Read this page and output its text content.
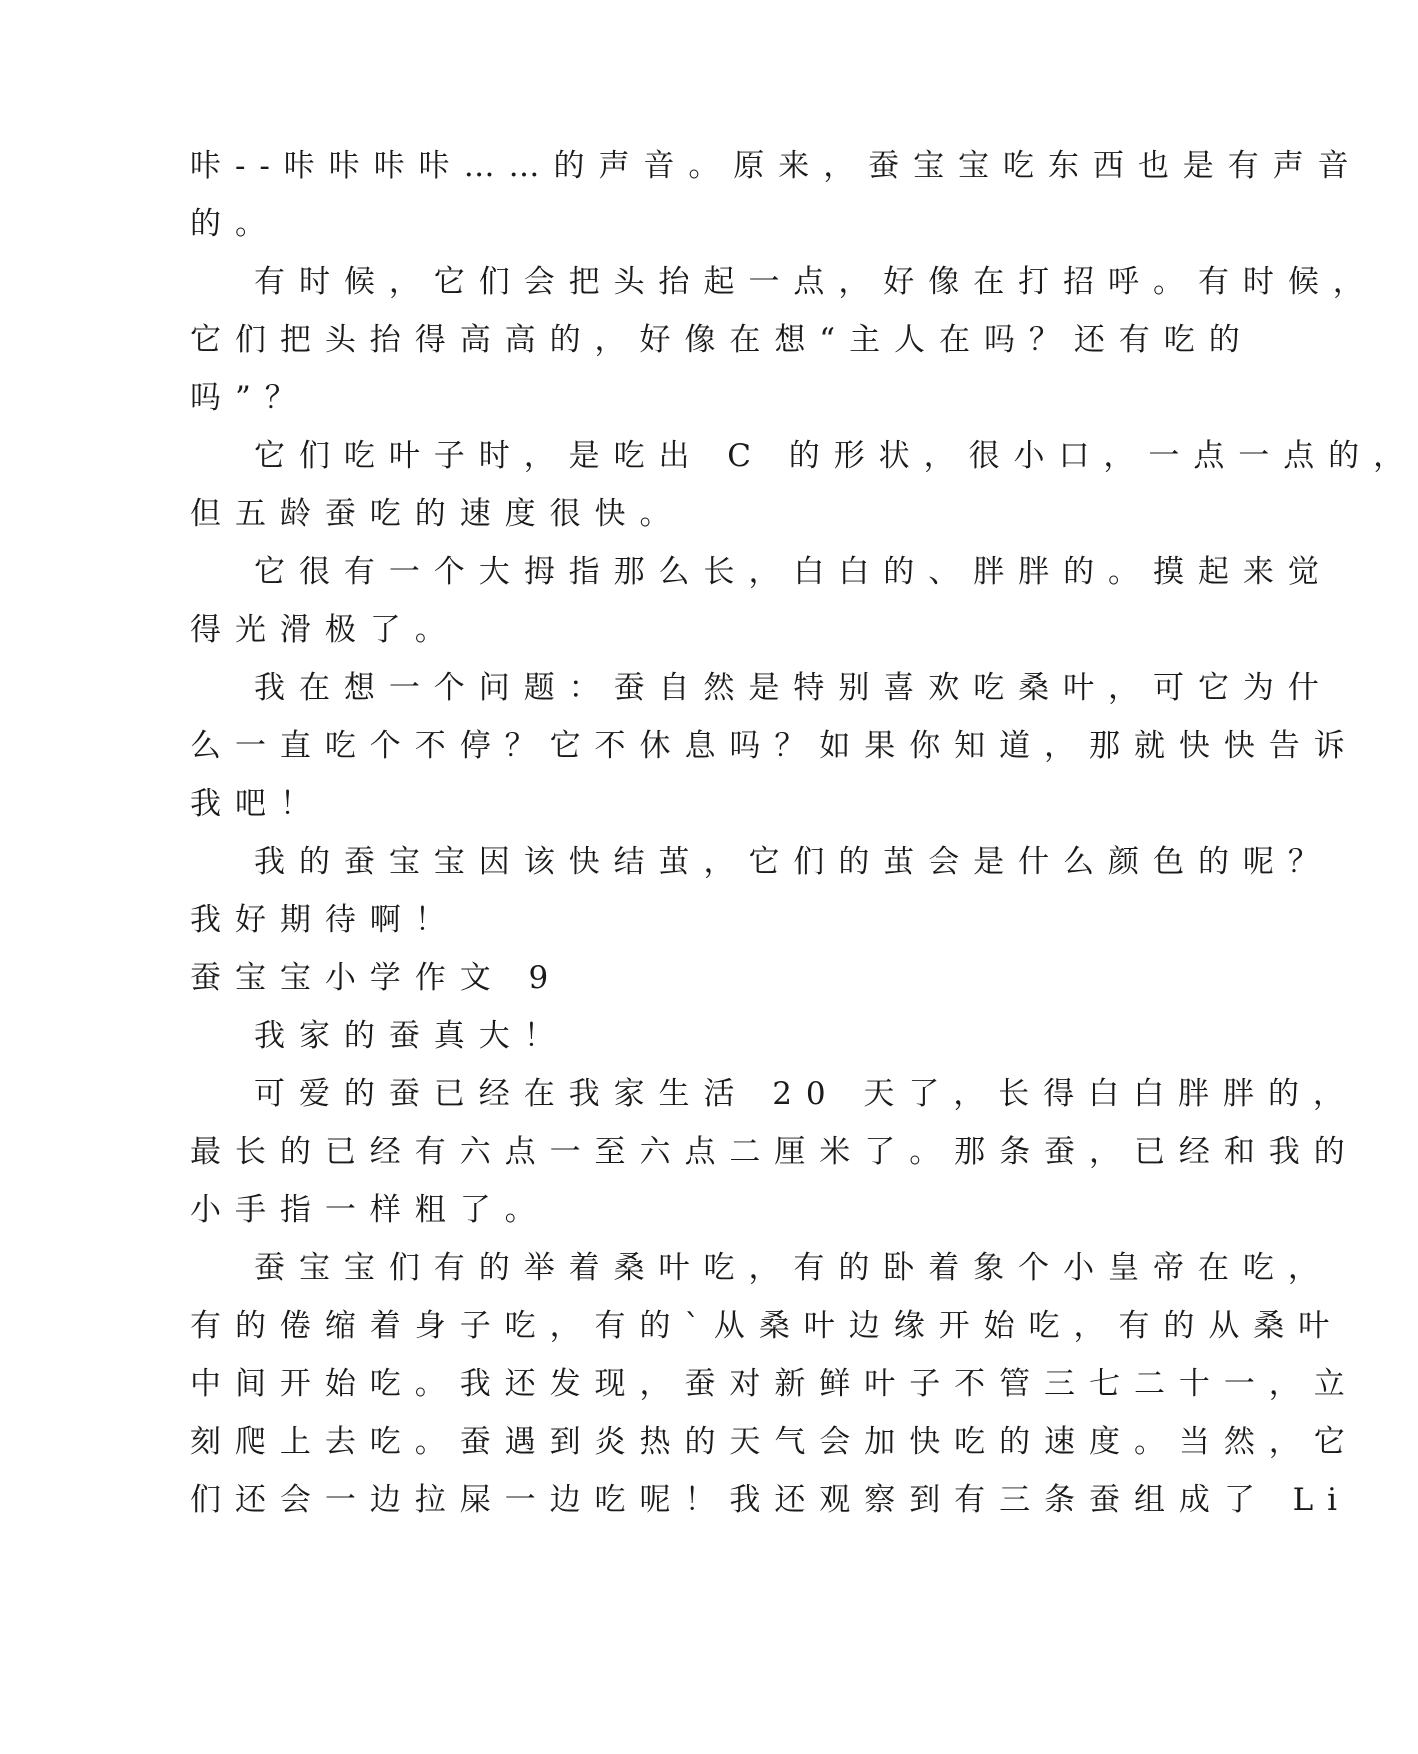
咔--咔咔咔咔……的声音。原来，蚕宝宝吃东西也是有声音
的。
有时候，它们会把头抬起一点，好像在打招呼。有时候，
它们把头抬得高高的，好像在想“主人在吗？还有吃的
吗”？
它们吃叶子时，是吃出 C 的形状，很小口，一点一点的，
但五龄蚕吃的速度很快。
它很有一个大拇指那么长，白白的、胖胖的。摸起来觉
得光滑极了。
我在想一个问题：蚕自然是特别喜欢吃桑叶，可它为什
么一直吃个不停？它不休息吗？如果你知道，那就快快告诉
我吧！
我的蚕宝宝因该快结茧，它们的茧会是什么颜色的呢？
我好期待啊！
蚕宝宝小学作文 9
我家的蚕真大！
可爱的蚕已经在我家生活 20 天了，长得白白胖胖的，
最长的已经有六点一至六点二厘米了。那条蚕，已经和我的
小手指一样粗了。
蚕宝宝们有的举着桑叶吃，有的卧着象个小皇帝在吃，
有的倦缩着身子吃，有的`从桑叶边缘开始吃，有的从桑叶
中间开始吃。我还发现，蚕对新鲜叶子不管三七二十一，立
刻爬上去吃。蚕遇到炎热的天气会加快吃的速度。当然，它
们还会一边拉屎一边吃呢！我还观察到有三条蚕组成了 Li
